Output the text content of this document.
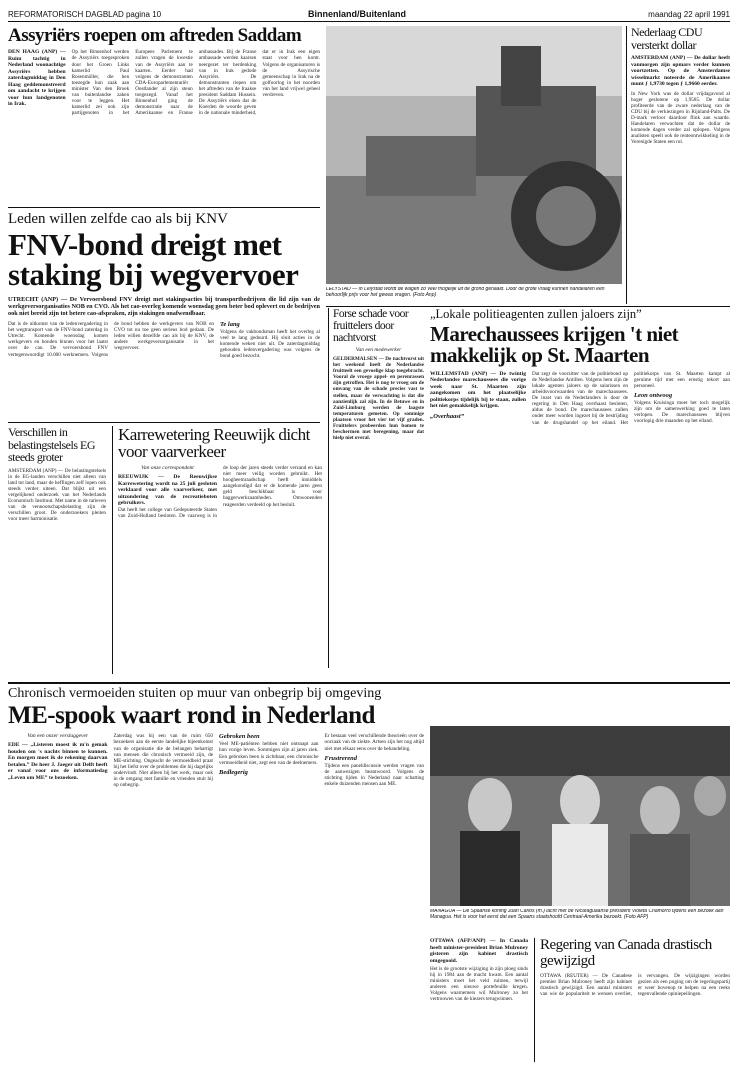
REFORMATORISCH DAGBLAD pagina 10	Binnenland/Buitenland	maandag 22 april 1991
Assyriërs roepen om aftreden Saddam
DEN HAAG (ANP) — Ruim tachtig in Nederland woonachtige Assyriërs hebben zaterdagmiddag in Den Haag geddemonstreerd om aandacht te krijgen voor hun landgenoten in Irak.
Op het Binnenhof werden de Assyriërs toegesproken door het Groen Links kamerlid Paul Rosenmöller, die hen toezegde hun zaak aan minister Van den Broek van buitenlandse zaken voor te leggen. Het kamerlid zei ook zijn partijgenoten in het Europees Parlement te zullen vragen de kwestie van de Assyriërs aan te kaarten. Eerder had volgens de demonstranten CDA-Europarlementariër Oostlander al zijn steun toegezegd. Vanaf het Binnenhof ging de demonstratie naar de Amerikaanse en Franse ambassades. Bij de Franse ambassade werden kaarsen neergezet ter herdenking van in Irak gedode Assyriërs. De demonstranten riepen om het aftreden van de Iraakse president Saddam Hussein. De Assyriërs eisen dat de Koerden de woorde geven in de nationale minderheid, dat er in Irak een eigen staat voor hen komt. Volgens de organisatoren is de Assyrische gemeenschap in Irak na de golfoorlog in het noorden van het land vrijwel geheel verdreven.
Leden willen zelfde cao als bij KNV
FNV-bond dreigt met staking bij wegvervoer
UTRECHT (ANP) — De Vervoersbond FNV dreigt met stakingsacties bij transportbedrijven die lid zijn van de werkgeversorganisaties NOB en CVO. Als het cao-overleg komende woensdag geen beter bod oplevert en de bedrijven ook niet bereid zijn tot betere cao-afspraken, zijn stakingen onafwendbaar.
Dat is de uitkomst van de ledenvergadering in het wegtransport van de FNV-bond zaterdag in Utrecht. Komende woensdag komen werkgevers en bonden binnen voor het laatst over de cao. De vervoersbond FNV vertegenwoordigt 10.000 werknemers. Volgens de bond hebben de werkgevers van NOB en CVO tot nu toe geen serieus bod gedaan. De leden willen dezelfde cao als bij de KNV, de andere werkgeversorganisatie in het wegvervoer.
Te lang
Volgens de vakbondsman heeft het overleg al veel te lang geduurd. Hij sluit acties in de komende weken niet uit. De zaterdagmiddag gehouden ledenvergadering was volgens de bond goed bezocht.
Forse schade voor fruittelers door nachtvorst
Van een medewerker
GELDERMALSEN — De nachtvorst uit het weekend heeft de Nederlandse fruitteelt een gevoelige klap toegebracht. Vooral de vroege appel- en perenrassen zijn getroffen. Het is nog te vroeg om de omvang van de schade precies vast te stellen, maar de verwachting is dat die aanzienlijk zal zijn. In de Betuwe en in Zuid-Limburg werden de laagste temperaturen gemeten. Op sommige plaatsen vroor het vier tot vijf graden. Fruittelers probeerden hun bomen te beschermen met beregening, maar dat hielp niet overal.
Verschillen in belastingstelsels EG steeds groter
AMSTERDAM (ANP) — De belastingstelsels in de EG-landen verschillen niet alleen van land tot land, maar de heffingen zelf lopen ook steeds verder uiteen. Dat blijkt uit een vergelijkend onderzoek van het Nederlands Economisch Instituut. Met name in de tarieven van de vennootschapsbelasting zijn de verschillen groot. De onderzoekers pleiten voor meer harmonisatie.
Karrewetering Reeuwijk dicht voor vaarverkeer
Van onze correspondent
REEUWIJK — De Reeuwijkse Karrewetering wordt na 25 juli gesloten verklaard voor alle vaarverkeer, met uitzondering van de recreatieboten gebruikers.
Dat heeft het college van Gedeputeerde Staten van Zuid-Holland besloten. De vaarweg is in de loop der jaren steeds verder verzand en kan niet meer veilig worden gebruikt. Het hoogheemraadschap heeft inmiddels aangekondigd dat er de komende jaren geen geld beschikbaar is voor baggerwerkzaamheden. Omwonenden reageerden verdeeld op het besluit.
LELYSTAD — In Lelystad wordt de wagen zo veel mogelijk uit de grond gehaald. Door de grote vraag kunnen handelaren een behoorlijk prijs voor het gewas vragen. (Foto Anp)
Nederlaag CDU versterkt dollar
AMSTERDAM (ANP) — De dollar heeft vanmorgen zijn opmars verder kunnen voortzetten. Op de Amsterdamse wisselmarkt noteerde de Amerikaanse munt ƒ 1,9730 tegen ƒ 1,9660 eerder.
In New York was de dollar vrijdagavond al hoger geslotene op 1,9585. De dollar profiteerde van de zware nederlaag van de CDU bij de verkiezingen in Rijnland-Palts. De D-mark verloor daardoor flink aan waarde. Handelaren verwachten dat de dollar de komende dagen verder zal oplopen. Volgens analisten speelt ook de renteontwikkeling in de Verenigde Staten een rol.
„Lokale politieagenten zullen jaloers zijn”
Marechaussees krijgen 't niet makkelijk op St. Maarten
WILLEMSTAD (ANP) — De twintig Nederlandse marechaussees die vorige week naar St. Maarten zijn aangekomen om het plaatselijke politiekorps tijdelijk bij te staan, zullen het niet gemakkelijk krijgen.
„Overhaast”
Dat zegt de voorzitter van de politiebond op de Nederlandse Antillen. Volgens hem zijn de lokale agenten jaloers op de salarissen en arbeidsvoorwaarden van de marechaussees. De inzet van de Nederlanders is door de regering in Den Haag overhaast besloten, aldus de bond. De marechaussees zullen onder meer worden ingezet bij de bestrijding van de drugshandel op het eiland. Het politiekorps van St. Maarten kampt al geruime tijd met een ernstig tekort aan personeel.
Leon ontwoog
Volgens Kruisinga moet het toch mogelijk zijn om de samenwerking goed te laten verlopen. De marechaussees blijven voorlopig drie maanden op het eiland.
Chronisch vermoeiden stuiten op muur van onbegrip bij omgeving
ME-spook waart rond in Nederland
Van een onzer verslaggever
EDE — „Listeren moest ik m'n gemak houden om 's nachts binnen te kunnen. En morgen moet ik de rekening daarvan betalen.” De heer J. Jaeger uit Delft heeft er vanaf voor ons de informatiedag „Leven om ME” te bezoeken.
Zaterdag was hij een van de ruim 650 bezoekers aan de eerste landelijke bijeenkomst van de organisatie die de belangen behartigt van mensen die chronisch vermoeid zijn, de ME-stichting. Ongeacht de vermoeidheid praat hij het liefst over de problemen die hij dagelijks ondervindt. Niet alleen bij het werk, maar ook in de omgang met familie en vrienden stuit hij op onbegrip.
Gebroken been
Veel ME-patiënten hebben niet ontsnapt aan hun vorige leven. Sommigen zijn al jaren ziek. Een gebroken been is zichtbaar, een chronische vermoeidheid niet, zegt een van de deelnemers.
Bedlegerig
Er bestaan veel verschillende theorieën over de oorzaak van de ziekte. Artsen zijn het nog altijd niet met elkaar eens over de behandeling.
Frustrerend
Tijdens een paneldiscussie werden vragen van de aanwezigen beantwoord. Volgens de stichting lijden in Nederland naar schatting enkele duizenden mensen aan ME.
MANAGUA — De Spaanse koning Juan Carlos (m.) lacht met de Nicaraguaanse president Violeta Chamorro tijdens een bezoek aan Managua. Het is voor het eerst dat een Spaans staatshoofd Centraal-Amerika bezoekt. (Foto AFP)
OTTAWA (AFP/ANP) — In Canada heeft minister-president Brian Mulroney gisteren zijn kabinet drastisch omgegooid.
Het is de grootste wijziging in zijn ploeg sinds hij in 1984 aan de macht kwam. Een aantal ministers moet het veld ruimen, terwijl anderen een nieuwe portefeuille kregen. Volgens waarnemers wil Mulroney zo het vertrouwen van de kiezers terugwinnen.
Regering van Canada drastisch gewijzigd
OTTAWA (REUTER) — De Canadese premier Brian Mulroney heeft zijn kabinet drastisch gewijzigd. Een aantal ministers van wie de populariteit te wensen overliet, is vervangen. De wijzigingen worden gezien als een poging om de regeringspartij er weer bovenop te helpen na een reeks tegenvallende opiniepeilingen.
